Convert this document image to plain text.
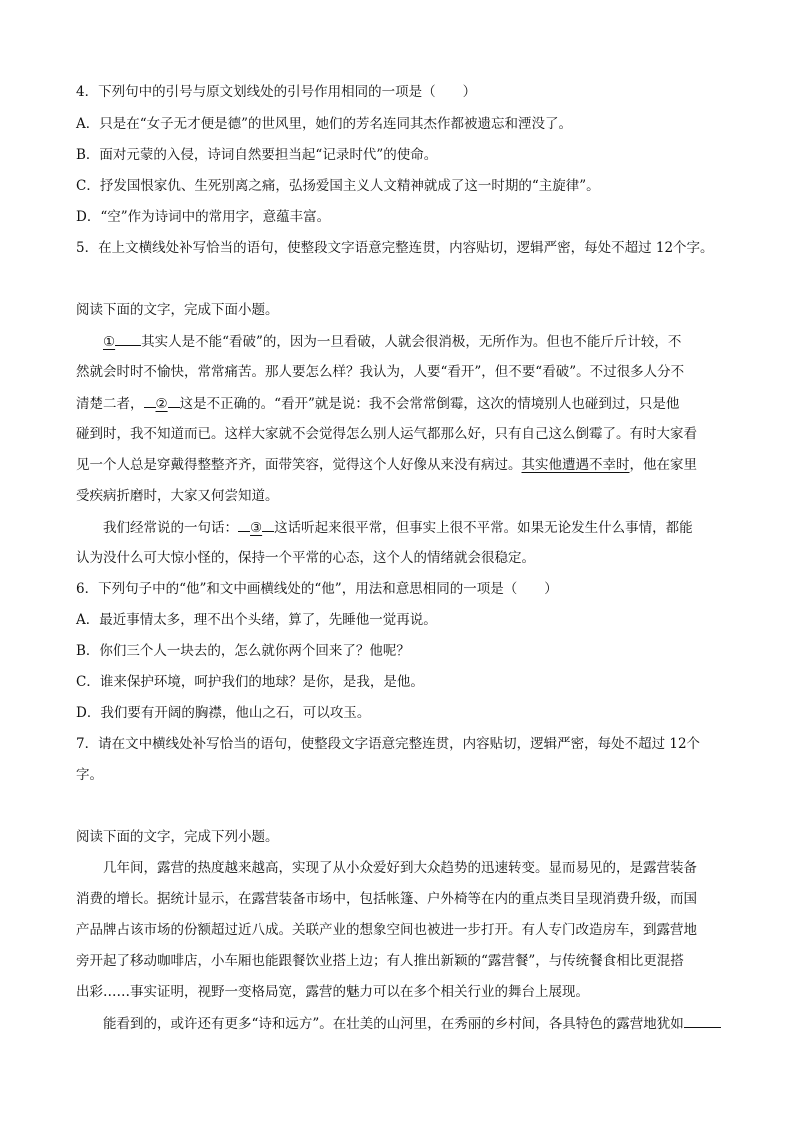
4．下列句中的引号与原文划线处的引号作用相同的一项是（　　）
A．只是在“女子无才便是德”的世风里，她们的芳名连同其杰作都被遗忘和湮没了。
B．面对元蒙的入侵，诗词自然要担当起“记录时代”的使命。
C．抒发国恨家仇、生死别离之痛，弘扬爱国主义人文精神就成了这一时期的“主旋律”。
D．“空”作为诗词中的常用字，意蕴丰富。
5．在上文横线处补写恰当的语句，使整段文字语意完整连贯，内容贴切，逻辑严密，每处不超过 12个字。
阅读下面的文字，完成下面小题。
① 其实人是不能“看破”的，因为一旦看破，人就会很消极，无所作为。但也不能斤斤计较，不
然就会时时不愉快，常常痛苦。那人要怎么样？我认为，人要“看开”，但不要“看破”。不过很多人分不
清楚二者， ② 这是不正确的。“看开”就是说：我不会常常倒霉，这次的情境别人也碰到过，只是他
碰到时，我不知道而已。这样大家就不会觉得怎么别人运气都那么好，只有自己这么倒霉了。有时大家看
见一个人总是穿戴得整整齐齐，面带笑容，觉得这个人好像从来没有病过。其实他遭遇不幸时，他在家里
受疾病折磨时，大家又何尝知道。
我们经常说的一句话： ③ 这话听起来很平常，但事实上很不平常。如果无论发生什么事情，都能
认为没什么可大惊小怪的，保持一个平常的心态，这个人的情绪就会很稳定。
6．下列句子中的“他”和文中画横线处的“他”，用法和意思相同的一项是（　　）
A．最近事情太多，理不出个头绪，算了，先睡他一觉再说。
B．你们三个人一块去的，怎么就你两个回来了？他呢？
C．谁来保护环境，呵护我们的地球？是你，是我，是他。
D．我们要有开阔的胸襟，他山之石，可以攻玉。
7．请在文中横线处补写恰当的语句，使整段文字语意完整连贯，内容贴切，逻辑严密，每处不超过 12个
字。
阅读下面的文字，完成下列小题。
几年间，露营的热度越来越高，实现了从小众爱好到大众趋势的迅速转变。显而易见的，是露营装备
消费的增长。据统计显示，在露营装备市场中，包括帐篷、户外椅等在内的重点类目呈现消费升级，而国
产品牌占该市场的份额超过近八成。关联产业的想象空间也被进一步打开。有人专门改造房车，到露营地
旁开起了移动咖啡店，小车厢也能跟餐饮业搭上边；有人推出新颖的“露营餐”，与传统餐食相比更混搭
出彩……事实证明，视野一变格局宽，露营的魅力可以在多个相关行业的舞台上展现。
能看到的，或许还有更多“诗和远方”。在壮美的山河里，在秀丽的乡村间，各具特色的露营地犹如
